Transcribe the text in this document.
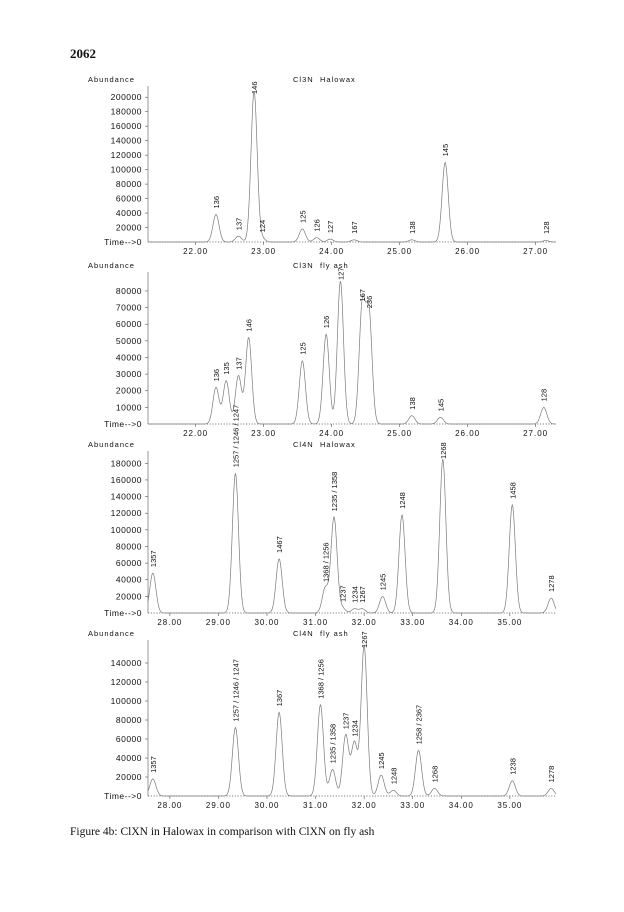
2062
Abundance	Cl3N Halowax
20000
40000
60000
80000
100000
120000
140000
160000
180000
200000
Time-->0
22.00	23.00	24.00	25.00	26.00	27.00
136
137
146
124
125
126 127 167	138
145
128
Abundance	Cl3N fly ash
10000
20000
30000
40000
50000
60000
70000
80000
Time-->0
22.00	23.00	24.00	25.00	26.00	27.00
136
135 137
146
125
126
127
167
236
138	145
128
Abundance	Cl4N Halowax
20000
40000
60000
80000
100000
120000
140000
160000
180000
Time-->0
28.00	29.00	30.00	31.00	32.00	33.00	34.00	35.00
1357
1257 / 1246 / 1247
1467	1368 / 1256
1235 / 1358
1237 1234
1267
1245
1248
1268
1458
1278
Abundance	Cl4N fly ash
20000
40000
60000
80000
100000
120000
140000
Time-->0
28.00	29.00	30.00	31.00	32.00	33.00	34.00	35.00
1357
1257 / 1246 / 1247	1367	1368 / 1256
1235 / 1358
1237 1234
1267
1245
1248
1258 / 2367
1268	1238	1278
Figure 4b: ClXN in Halowax in comparison with ClXN on fly ash
